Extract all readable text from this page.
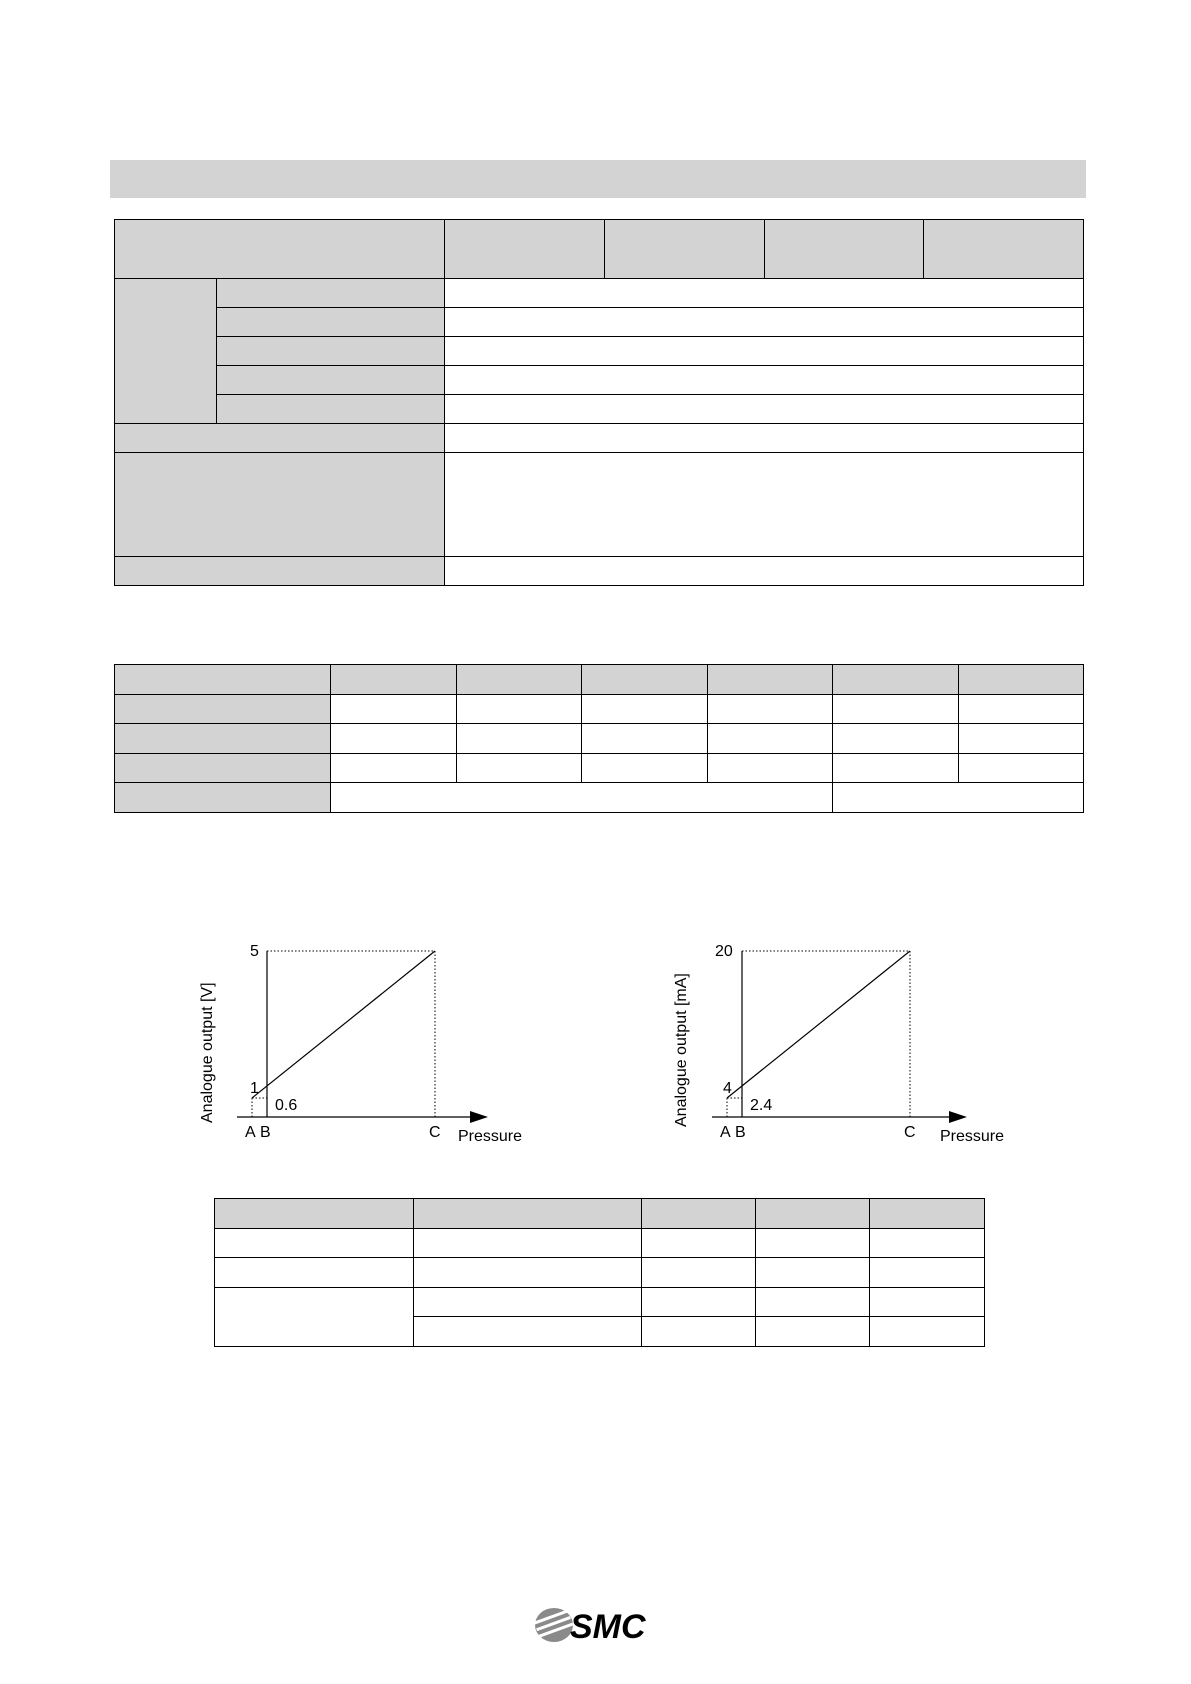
Analogue output [V]
5
1
0.6
A B	C Pressure
Analogue output [mA]
20
4
2.4
A B	C Pressure

SMC
